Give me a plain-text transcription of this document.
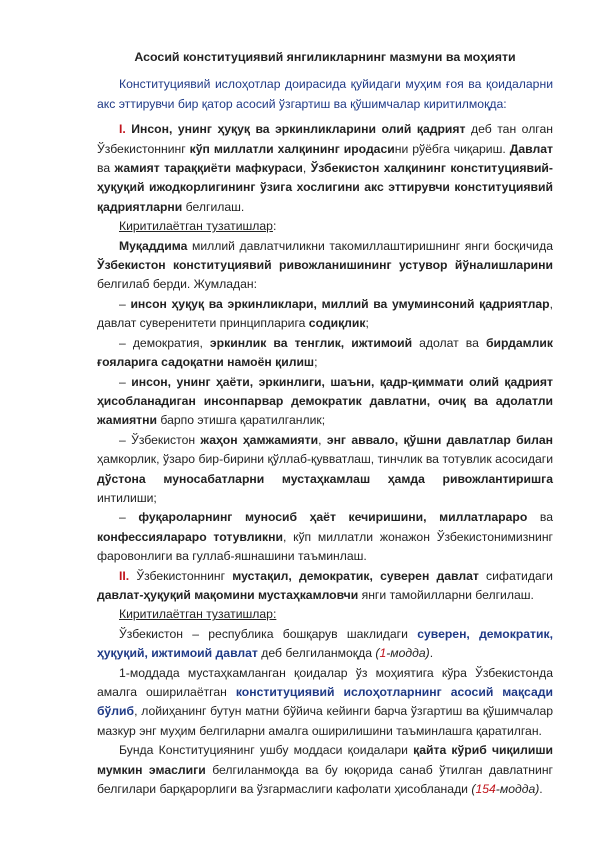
Асосий конституциявий янгиликларнинг мазмуни ва моҳияти

Конституциявий ислоҳотлар доирасида қуйидаги муҳим ғоя ва қоидаларни акс эттирувчи бир қатор асосий ўзгартиш ва қўшимчалар киритилмоқда:

I. Инсон, унинг ҳуқуқ ва эркинликларини олий қадрият деб тан олган Ўзбекистоннинг кўп миллатли халқининг иродасини рўёбга чиқариш. Давлат ва жамият тараққиёти мафкураси, Ўзбекистон халқининг конституциявий-ҳуқуқий ижодкорлигининг ўзига хослигини акс эттирувчи конституциявий қадриятларни белгилаш.

Киритилаётган тузатишлар:

Муқаддима миллий давлатчиликни такомиллаштиришнинг янги босқичида Ўзбекистон конституциявий ривожланишининг устувор йўналишларини белгилаб берди. Жумладан:

– инсон ҳуқуқ ва эркинликлари, миллий ва умуминсоний қадриятлар, давлат суверенитети принципларига содиқлик;

– демократия, эркинлик ва тенглик, ижтимоий адолат ва бирдамлик ғояларига садоқатни намоён қилиш;

– инсон, унинг ҳаёти, эркинлиги, шаъни, қадр-қиммати олий қадрият ҳисобланадиган инсонпарвар демократик давлатни, очиқ ва адолатли жамиятни барпо этишга қаратилганлик;

– Ўзбекистон жаҳон ҳамжамияти, энг аввало, қўшни давлатлар билан ҳамкорлик, ўзаро бир-бирини қўллаб-қувватлаш, тинчлик ва тотувлик асосидаги дўстона муносабатларни мустаҳкамлаш ҳамда ривожлантиришга интилиши;

– фуқароларнинг муносиб ҳаёт кечиришини, миллатлараро ва конфессиялараро тотувликни, кўп миллатли жонажон Ўзбекистонимизнинг фаровонлиги ва гуллаб-яшнашини таъминлаш.

II. Ўзбекистоннинг мустақил, демократик, суверен давлат сифатидаги давлат-ҳуқуқий мақомини мустаҳкамловчи янги тамойилларни белгилаш.

Киритилаётган тузатишлар:

Ўзбекистон – республика бошқарув шаклидаги суверен, демократик, ҳуқуқий, ижтимоий давлат деб белгиланмоқда (1-модда).

1-моддада мустаҳкамланган қоидалар ўз моҳиятига кўра Ўзбекистонда амалга оширилаётган конституциявий ислоҳотларнинг асосий мақсади бўлиб, лойиҳанинг бутун матни бўйича кейинги барча ўзгартиш ва қўшимчалар мазкур энг муҳим белгиларни амалга оширилишини таъминлашга қаратилган.

Бунда Конституциянинг ушбу моддаси қоидалари қайта кўриб чиқилиши мумкин эмаслиги белгиланмоқда ва бу юқорида санаб ўтилган давлатнинг белгилари барқарорлиги ва ўзгармаслиги кафолати ҳисобланади (154-модда).
